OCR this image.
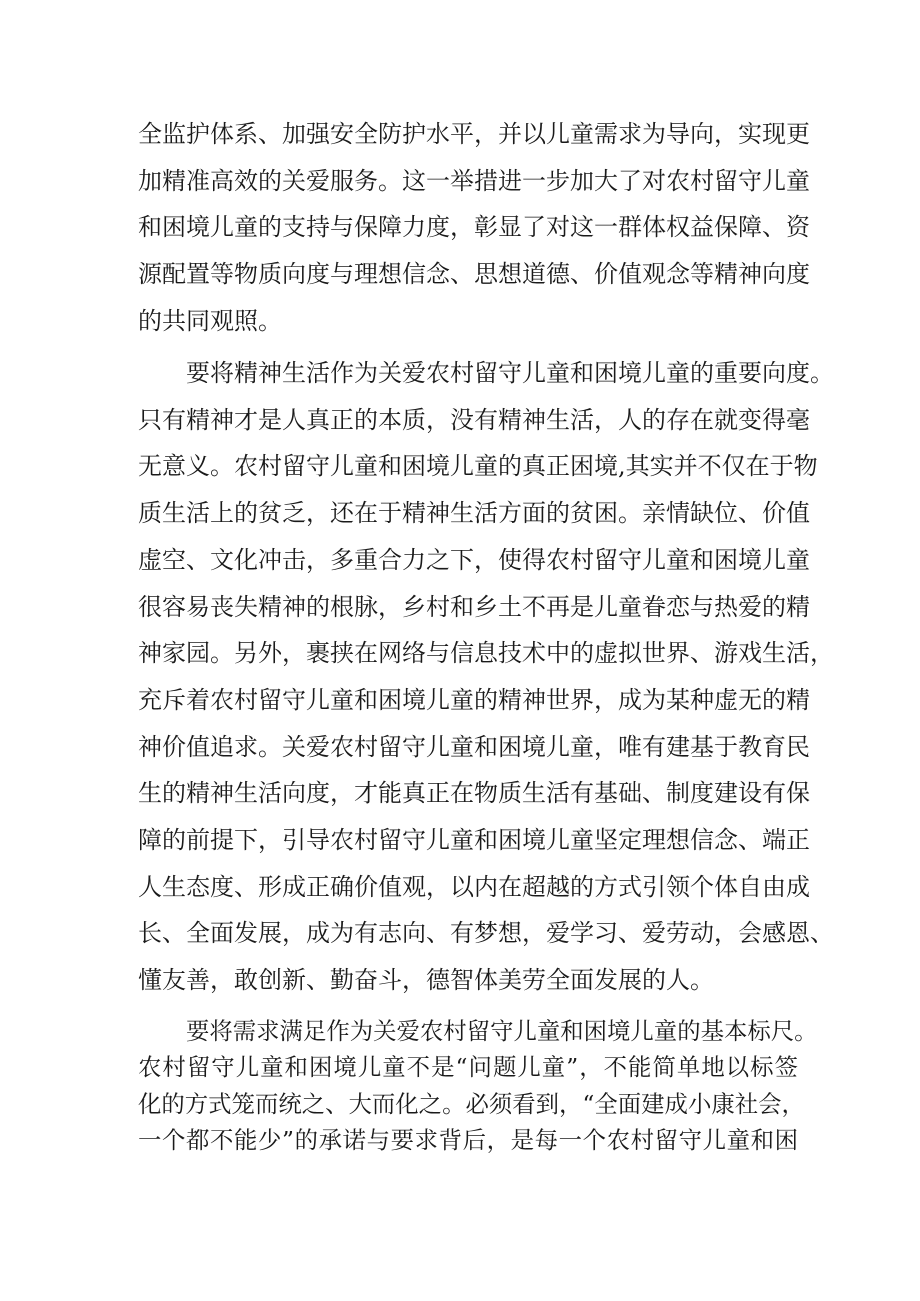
全监护体系、加强安全防护水平，并以儿童需求为导向，实现更
加精准高效的关爱服务。这一举措进一步加大了对农村留守儿童
和困境儿童的支持与保障力度，彰显了对这一群体权益保障、资
源配置等物质向度与理想信念、思想道德、价值观念等精神向度
的共同观照。
要将精神生活作为关爱农村留守儿童和困境儿童的重要向度。
只有精神才是人真正的本质，没有精神生活，人的存在就变得毫
无意义。农村留守儿童和困境儿童的真正困境,其实并不仅在于物
质生活上的贫乏，还在于精神生活方面的贫困。亲情缺位、价值
虚空、文化冲击，多重合力之下，使得农村留守儿童和困境儿童
很容易丧失精神的根脉，乡村和乡土不再是儿童眷恋与热爱的精
神家园。另外，裹挟在网络与信息技术中的虚拟世界、游戏生活，
充斥着农村留守儿童和困境儿童的精神世界，成为某种虚无的精
神价值追求。关爱农村留守儿童和困境儿童，唯有建基于教育民
生的精神生活向度，才能真正在物质生活有基础、制度建设有保
障的前提下，引导农村留守儿童和困境儿童坚定理想信念、端正
人生态度、形成正确价值观，以内在超越的方式引领个体自由成
长、全面发展，成为有志向、有梦想，爱学习、爱劳动，会感恩、
懂友善，敢创新、勤奋斗，德智体美劳全面发展的人。
要将需求满足作为关爱农村留守儿童和困境儿童的基本标尺。
农村留守儿童和困境儿童不是“问题儿童”，不能简单地以标签
化的方式笼而统之、大而化之。必须看到，“全面建成小康社会，
一个都不能少”的承诺与要求背后，是每一个农村留守儿童和困
